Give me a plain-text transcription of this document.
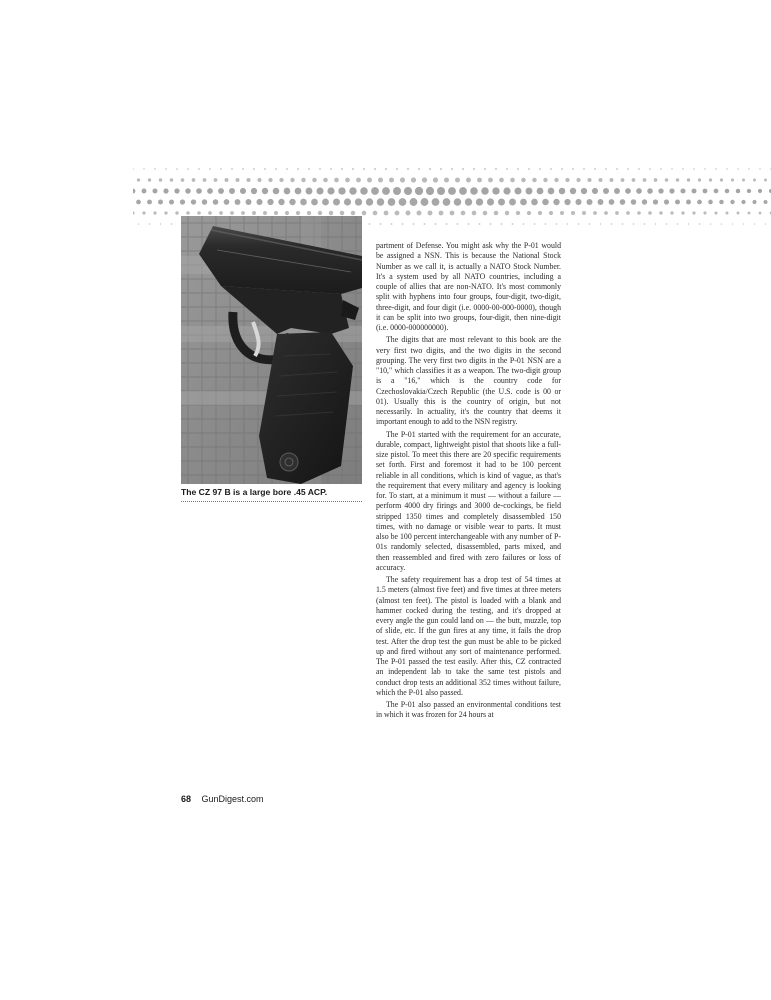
The CZ 97 B is a large bore .45 ACP.

partment of Defense. You might ask why the P-01 would be assigned a NSN. This is because the National Stock Number as we call it, is actually a NATO Stock Number. It's a system used by all NATO countries, including a couple of allies that are non-NATO. It's most commonly split with hyphens into four groups, four-digit, two-digit, three-digit, and four digit (i.e. 0000-00-000-0000), though it can be split into two groups, four-digit, then nine-digit (i.e. 0000-000000000).

The digits that are most relevant to this book are the very first two digits, and the two digits in the second grouping. The very first two digits in the P-01 NSN are a "10," which classifies it as a weapon. The two-digit group is a "16," which is the country code for Czechoslovakia/Czech Republic (the U.S. code is 00 or 01). Usually this is the country of origin, but not necessarily. In actuality, it's the country that deems it important enough to add to the NSN registry.

The P-01 started with the requirement for an accurate, durable, compact, lightweight pistol that shoots like a full-size pistol. To meet this there are 20 specific requirements set forth. First and foremost it had to be 100 percent reliable in all conditions, which is kind of vague, as that's the requirement that every military and agency is looking for. To start, at a minimum it must — without a failure — perform 4000 dry firings and 3000 de-cockings, be field stripped 1350 times and completely disassembled 150 times, with no damage or visible wear to parts. It must also be 100 percent interchangeable with any number of P-01s randomly selected, disassembled, parts mixed, and then reassembled and fired with zero failures or loss of accuracy.

The safety requirement has a drop test of 54 times at 1.5 meters (almost five feet) and five times at three meters (almost ten feet). The pistol is loaded with a blank and hammer cocked during the testing, and it's dropped at every angle the gun could land on — the butt, muzzle, top of slide, etc. If the gun fires at any time, it fails the drop test. After the drop test the gun must be able to be picked up and fired without any sort of maintenance performed. The P-01 passed the test easily. After this, CZ contracted an independent lab to take the same test pistols and conduct drop tests an additional 352 times without failure, which the P-01 also passed.

The P-01 also passed an environmental conditions test in which it was frozen for 24 hours at

68 GunDigest.com
